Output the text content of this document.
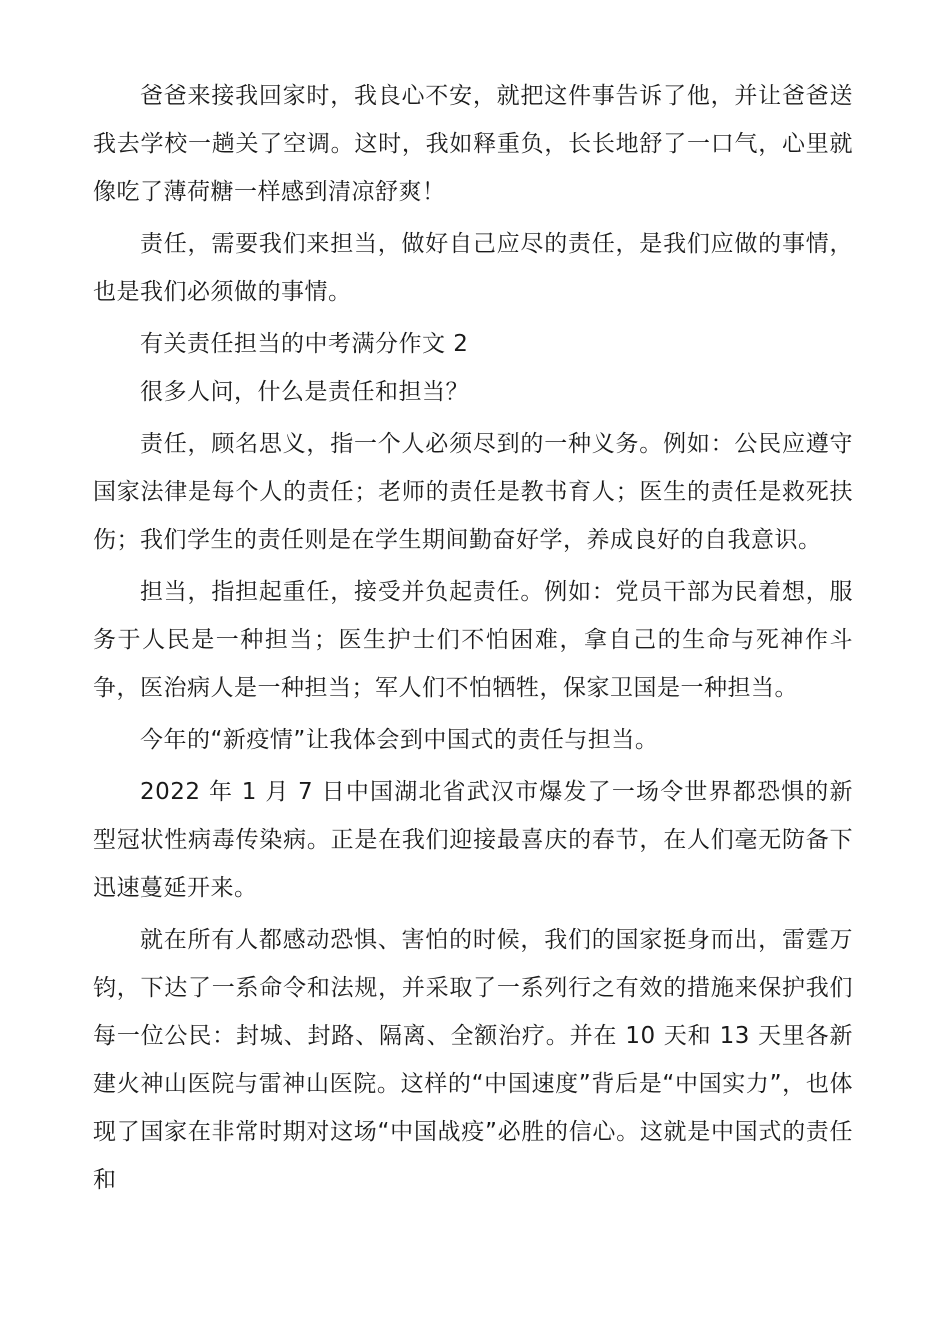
爸爸来接我回家时，我良心不安，就把这件事告诉了他，并让爸爸送我去学校一趟关了空调。这时，我如释重负，长长地舒了一口气，心里就像吃了薄荷糖一样感到清凉舒爽！

责任，需要我们来担当，做好自己应尽的责任，是我们应做的事情，也是我们必须做的事情。

有关责任担当的中考满分作文 2

很多人问，什么是责任和担当？

责任，顾名思义，指一个人必须尽到的一种义务。例如：公民应遵守国家法律是每个人的责任；老师的责任是教书育人；医生的责任是救死扶伤；我们学生的责任则是在学生期间勤奋好学，养成良好的自我意识。

担当，指担起重任，接受并负起责任。例如：党员干部为民着想，服务于人民是一种担当；医生护士们不怕困难，拿自己的生命与死神作斗争，医治病人是一种担当；军人们不怕牺牲，保家卫国是一种担当。

今年的“新疫情”让我体会到中国式的责任与担当。

2022 年 1 月 7 日中国湖北省武汉市爆发了一场令世界都恐惧的新型冠状性病毒传染病。正是在我们迎接最喜庆的春节，在人们毫无防备下迅速蔓延开来。

就在所有人都感动恐惧、害怕的时候，我们的国家挺身而出，雷霆万钧，下达了一系命令和法规，并采取了一系列行之有效的措施来保护我们每一位公民：封城、封路、隔离、全额治疗。并在 10 天和 13 天里各新建火神山医院与雷神山医院。这样的“中国速度”背后是“中国实力”，也体现了国家在非常时期对这场“中国战疫”必胜的信心。这就是中国式的责任和
